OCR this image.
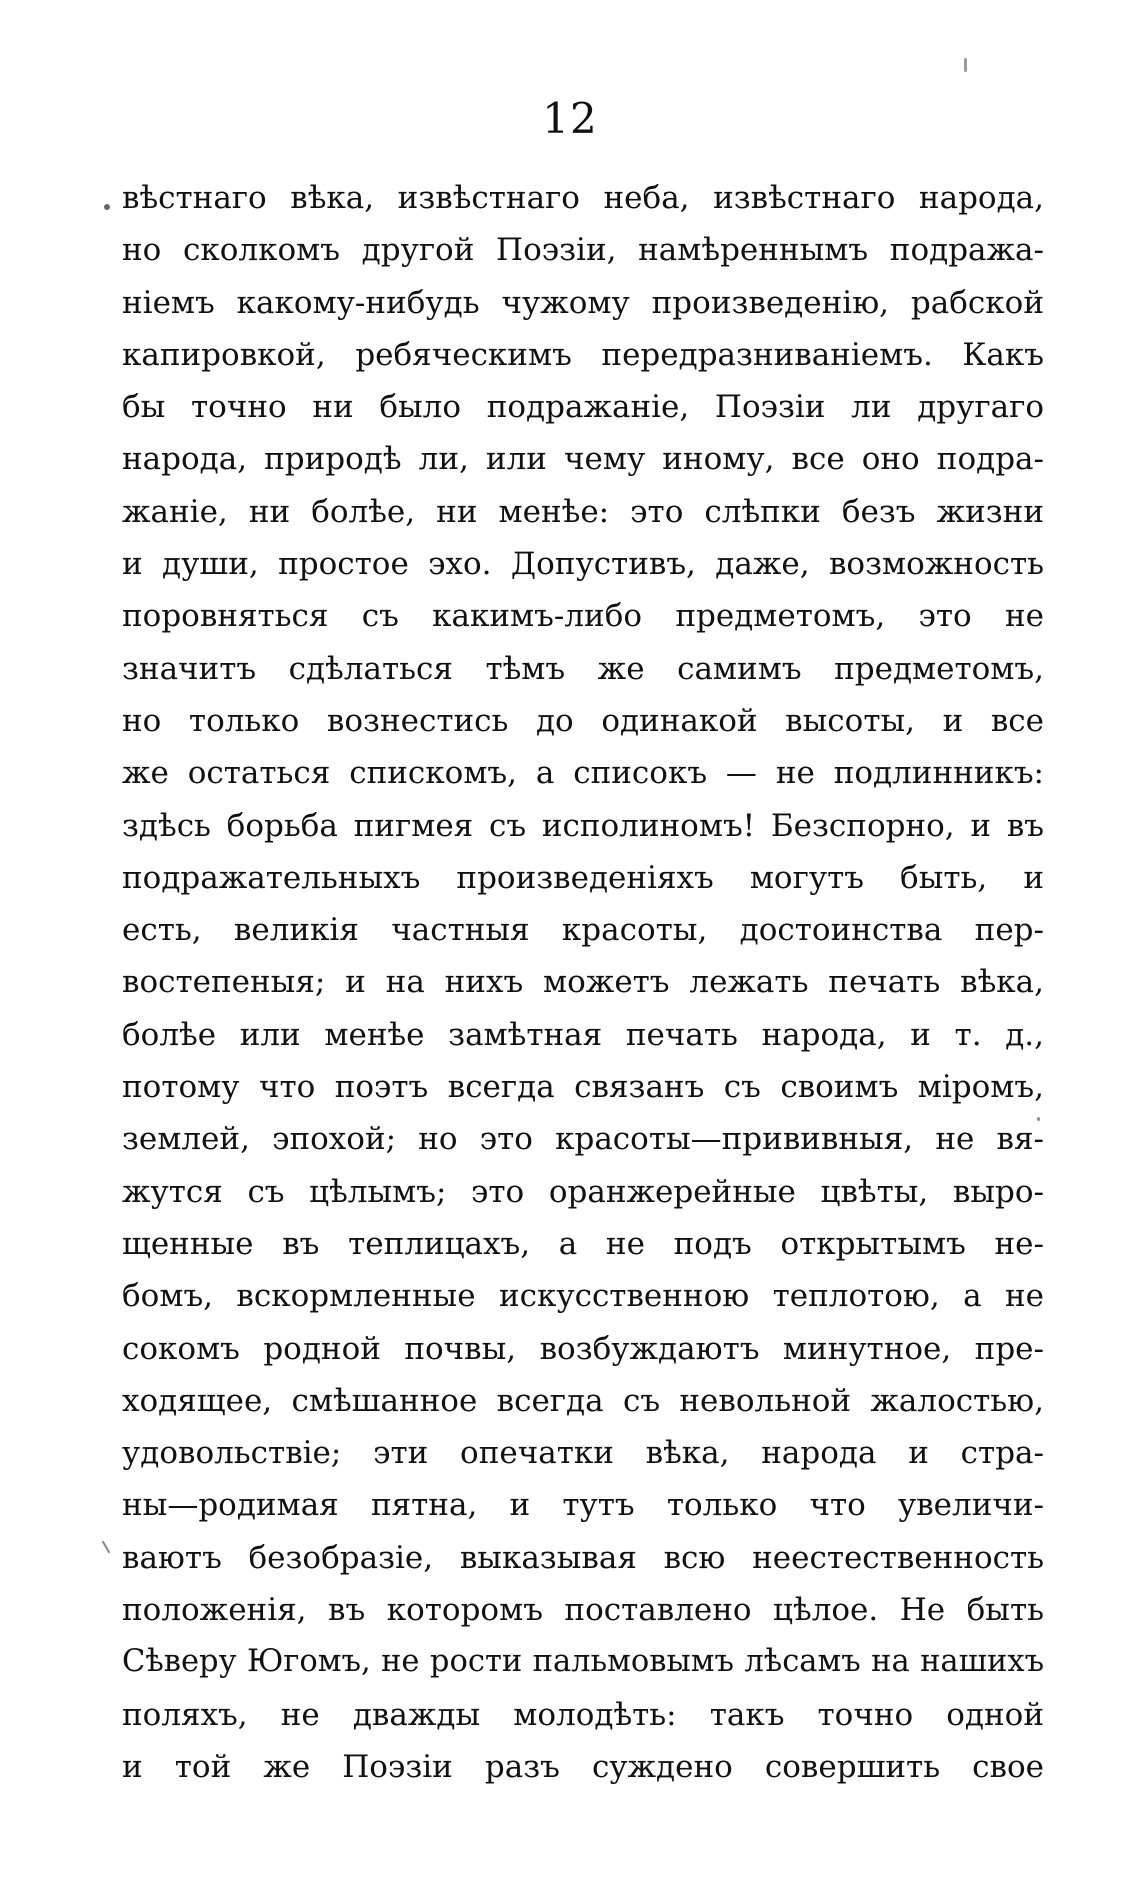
12
вѣстнаго вѣка, извѣстнаго неба, извѣстнаго народа,
но сколкомъ другой Поэзіи, намѣреннымъ подража-
ніемъ какому-нибудь чужому произведенію, рабской
капировкой, ребяческимъ передразниваніемъ. Какъ
бы точно ни было подражаніе, Поэзіи ли другаго
народа, природѣ ли, или чему иному, все оно подра-
жаніе, ни болѣе, ни менѣе: это слѣпки безъ жизни
и души, простое эхо. Допустивъ, даже, возможность
поровняться съ какимъ-либо предметомъ, это не
значитъ сдѣлаться тѣмъ же самимъ предметомъ,
но только вознестись до одинакой высоты, и все
же остаться спискомъ, а списокъ — не подлинникъ:
здѣсь борьба пигмея съ исполиномъ! Безспорно, и въ
подражательныхъ произведеніяхъ могутъ быть, и
есть, великія частныя красоты, достоинства пер-
востепеныя; и на нихъ можетъ лежать печать вѣка,
болѣе или менѣе замѣтная печать народа, и т. д.,
потому что поэтъ всегда связанъ съ своимъ міромъ,
землей, эпохой; но это красоты—прививныя, не вя-
жутся съ цѣлымъ; это оранжерейные цвѣты, выро-
щенные въ теплицахъ, а не подъ открытымъ не-
бомъ, вскормленные искусственною теплотою, а не
сокомъ родной почвы, возбуждаютъ минутное, пре-
ходящее, смѣшанное всегда съ невольной жалостью,
удовольствіе; эти опечатки вѣка, народа и стра-
ны—родимая пятна, и тутъ только что увеличи-
ваютъ безобразіе, выказывая всю неестественность
положенія, въ которомъ поставлено цѣлое. Не быть
Сѣверу Югомъ, не рости пальмовымъ лѣсамъ на нашихъ
поляхъ, не дважды молодѣть: такъ точно одной
и той же Поэзіи разъ суждено совершить свое
